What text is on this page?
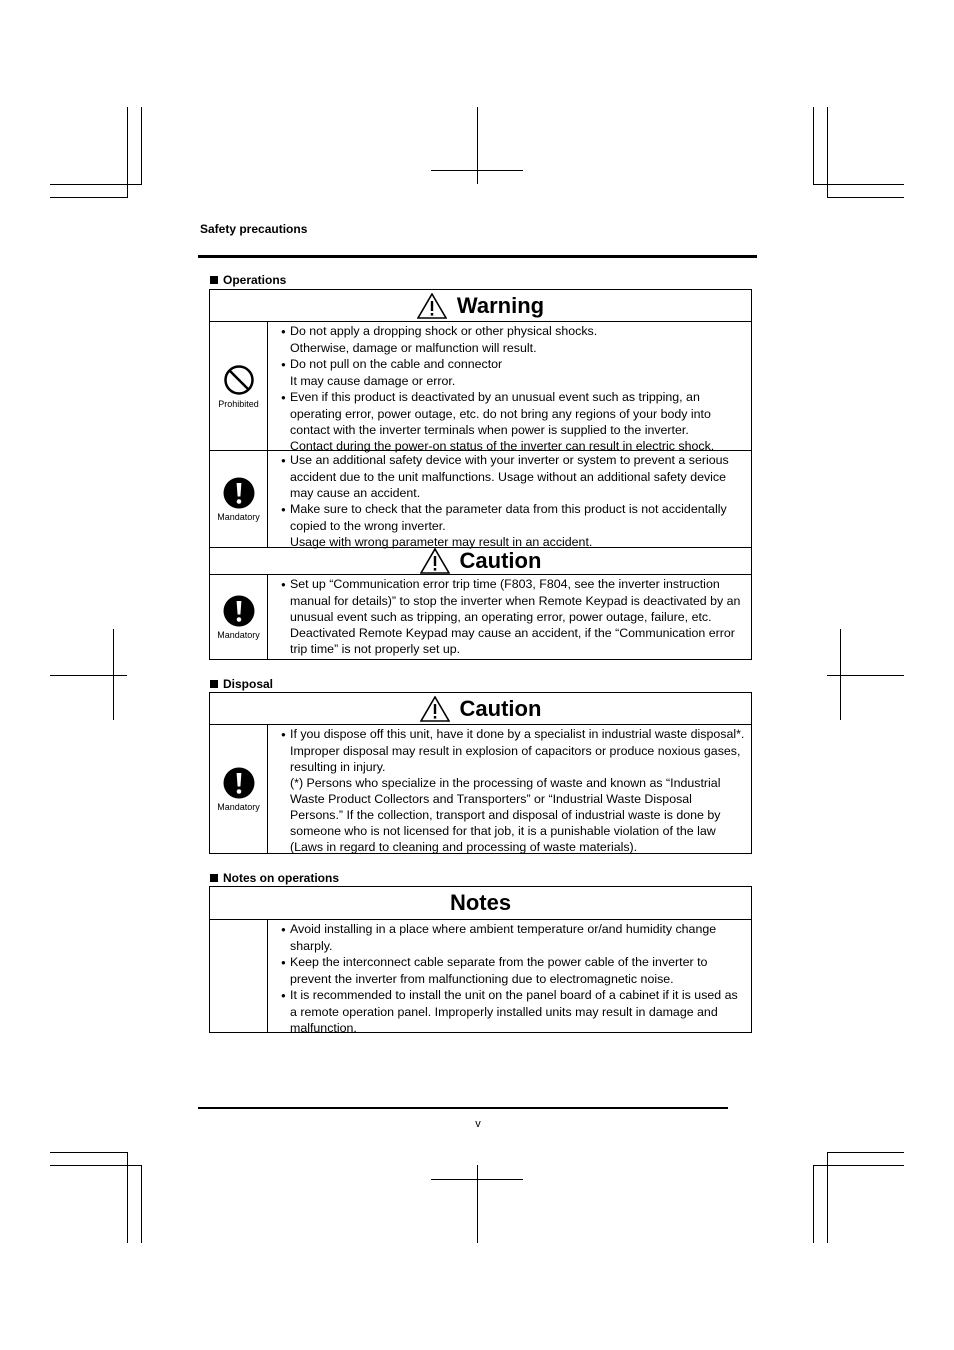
Safety precautions
Operations
Warning
Prohibited
● Do not apply a dropping shock or other physical shocks.
Otherwise, damage or malfunction will result.
● Do not pull on the cable and connector
It may cause damage or error.
● Even if this product is deactivated by an unusual event such as tripping, an operating error, power outage, etc. do not bring any regions of your body into contact with the inverter terminals when power is supplied to the inverter.
Contact during the power-on status of the inverter can result in electric shock.
Mandatory
● Use an additional safety device with your inverter or system to prevent a serious accident due to the unit malfunctions. Usage without an additional safety device may cause an accident.
● Make sure to check that the parameter data from this product is not accidentally copied to the wrong inverter.
Usage with wrong parameter may result in an accident.
Caution
Mandatory
● Set up “Communication error trip time (F803, F804, see the inverter instruction manual for details)” to stop the inverter when Remote Keypad is deactivated by an unusual event such as tripping, an operating error, power outage, failure, etc. Deactivated Remote Keypad may cause an accident, if the “Communication error trip time” is not properly set up.
Disposal
Caution
Mandatory
● If you dispose off this unit, have it done by a specialist in industrial waste disposal*. Improper disposal may result in explosion of capacitors or produce noxious gases, resulting in injury.
(*) Persons who specialize in the processing of waste and known as “Industrial Waste Product Collectors and Transporters” or “Industrial Waste Disposal Persons.” If the collection, transport and disposal of industrial waste is done by someone who is not licensed for that job, it is a punishable violation of the law (Laws in regard to cleaning and processing of waste materials).
Notes on operations
Notes
● Avoid installing in a place where ambient temperature or/and humidity change sharply.
● Keep the interconnect cable separate from the power cable of the inverter to prevent the inverter from malfunctioning due to electromagnetic noise.
● It is recommended to install the unit on the panel board of a cabinet if it is used as a remote operation panel. Improperly installed units may result in damage and malfunction.
v
